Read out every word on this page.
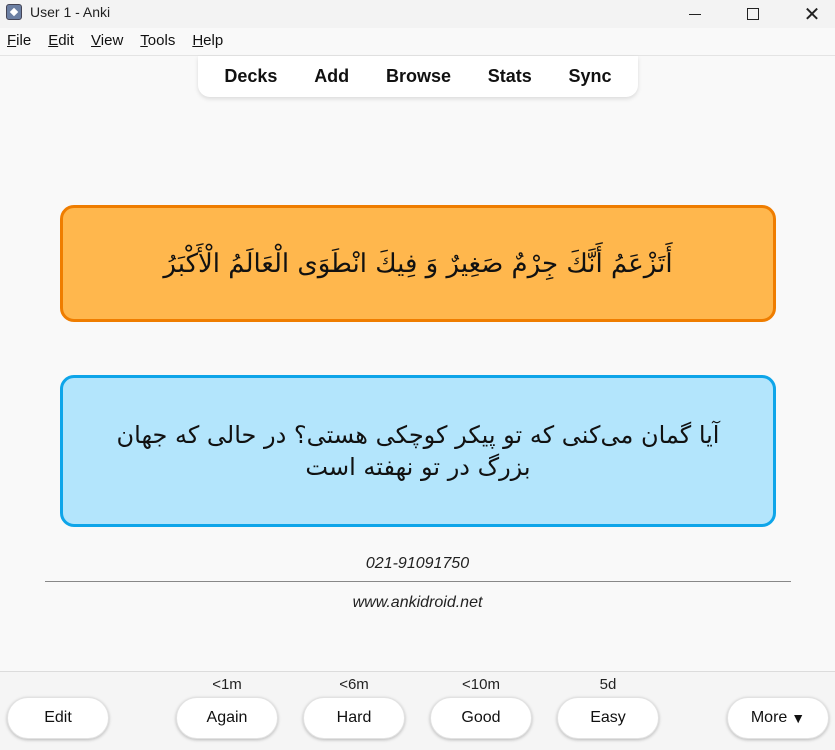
User 1 - Anki	✕
File Edit View Tools Help
Decks Add Browse Stats Sync
أَتَزْعَمُ أَنَّكَ جِرْمٌ صَغِيرٌ وَ فِيكَ انْطَوَى الْعَالَمُ الْأَكْبَرُ
آیا گمان می‌کنی که تو پیکر کوچکی هستی؟ در حالی که جهان بزرگ در تو نهفته است
021-91091750
www.ankidroid.net
<1m	<6m	<10m	5d
Edit	Again	Hard	Good	Easy	More ▼
